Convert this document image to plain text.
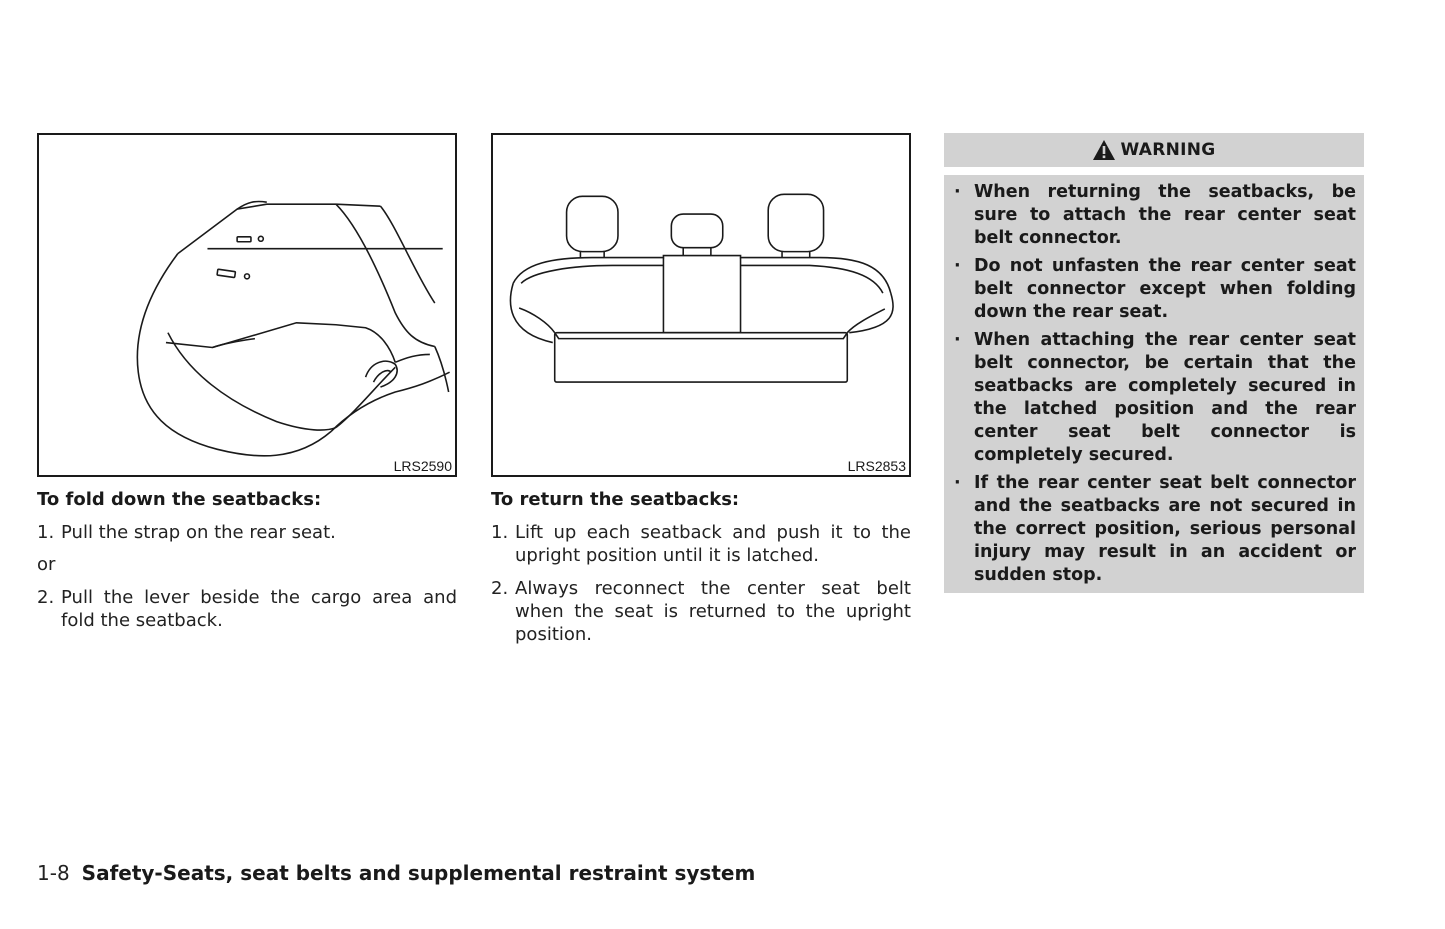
LRS2590
To fold down the seatbacks:
1. Pull the strap on the rear seat.
or
2. Pull the lever beside the cargo area and fold the seatback.
LRS2853
To return the seatbacks:
1. Lift up each seatback and push it to the upright position until it is latched.
2. Always reconnect the center seat belt when the seat is returned to the upright position.
WARNING
· When returning the seatbacks, be sure to attach the rear center seat belt connector.
· Do not unfasten the rear center seat belt connector except when folding down the rear seat.
· When attaching the rear center seat belt connector, be certain that the seatbacks are completely secured in the latched position and the rear center seat belt connector is completely secured.
· If the rear center seat belt connector and the seatbacks are not secured in the correct position, serious personal injury may result in an accident or sudden stop.
1-8 Safety-Seats, seat belts and supplemental restraint system
